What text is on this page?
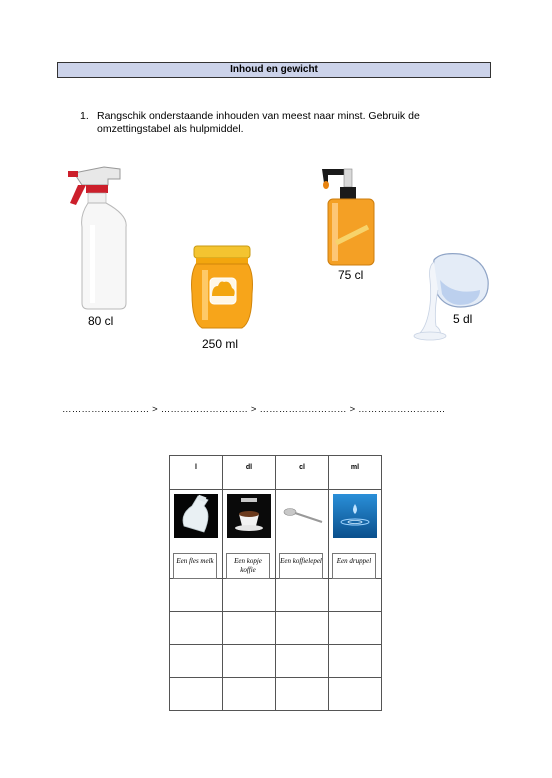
Inhoud en gewicht
1. Rangschik onderstaande inhouden van meest naar minst. Gebruik de omzettingstabel als hulpmiddel.
80 cl
250 ml
75 cl
5 dl
……………………… > ……………………… > ……………………… > ………………………
l	dl	cl	ml

Een fles melk	Een kopje koffie	Een koffielepel	Een druppel
